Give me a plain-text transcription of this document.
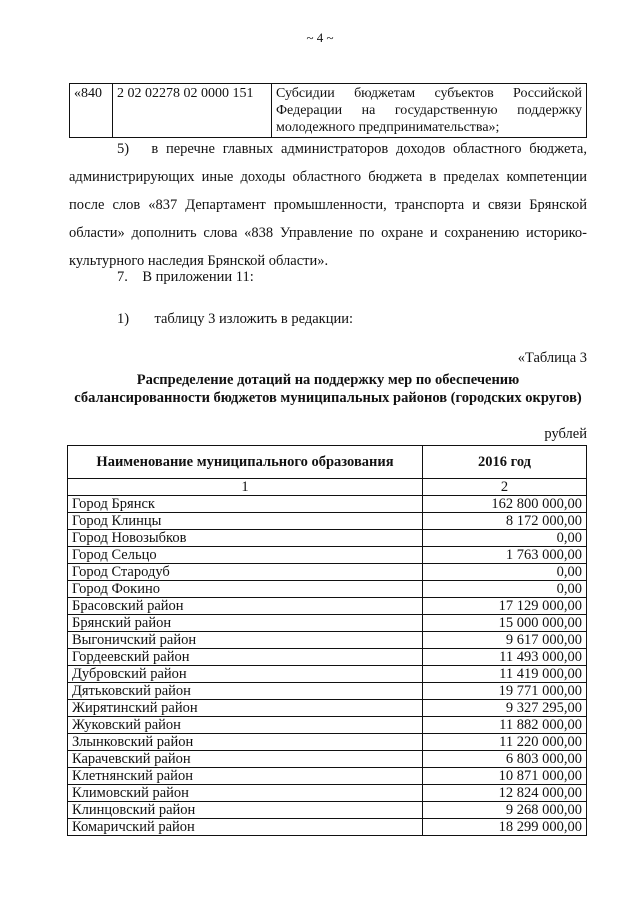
~ 4 ~
«840	2 02 02278 02 0000 151	Субсидии бюджетам субъектов Российской Федерации на государственную поддержку молодежного предпринимательства»;

5)  в перечне главных администраторов доходов областного бюджета, администрирующих иные доходы областного бюджета в пределах компетенции после слов «837 Департамент промышленности, транспорта и связи Брянской области» дополнить слова «838 Управление по охране и сохранению историко-культурного наследия Брянской области».

7. В приложении 11:
1) таблицу 3 изложить в редакции:
«Таблица 3
Распределение дотаций на поддержку мер по обеспечению сбалансированности бюджетов муниципальных районов (городских округов)
рублей
Наименование муниципального образования	2016 год
1	2
Город Брянск	162 800 000,00
Город Клинцы	8 172 000,00
Город Новозыбков	0,00
Город Сельцо	1 763 000,00
Город Стародуб	0,00
Город Фокино	0,00
Брасовский район	17 129 000,00
Брянский район	15 000 000,00
Выгоничский район	9 617 000,00
Гордеевский район	11 493 000,00
Дубровский район	11 419 000,00
Дятьковский район	19 771 000,00
Жирятинский район	9 327 295,00
Жуковский район	11 882 000,00
Злынковский район	11 220 000,00
Карачевский район	6 803 000,00
Клетнянский район	10 871 000,00
Климовский район	12 824 000,00
Клинцовский район	9 268 000,00
Комаричский район	18 299 000,00
